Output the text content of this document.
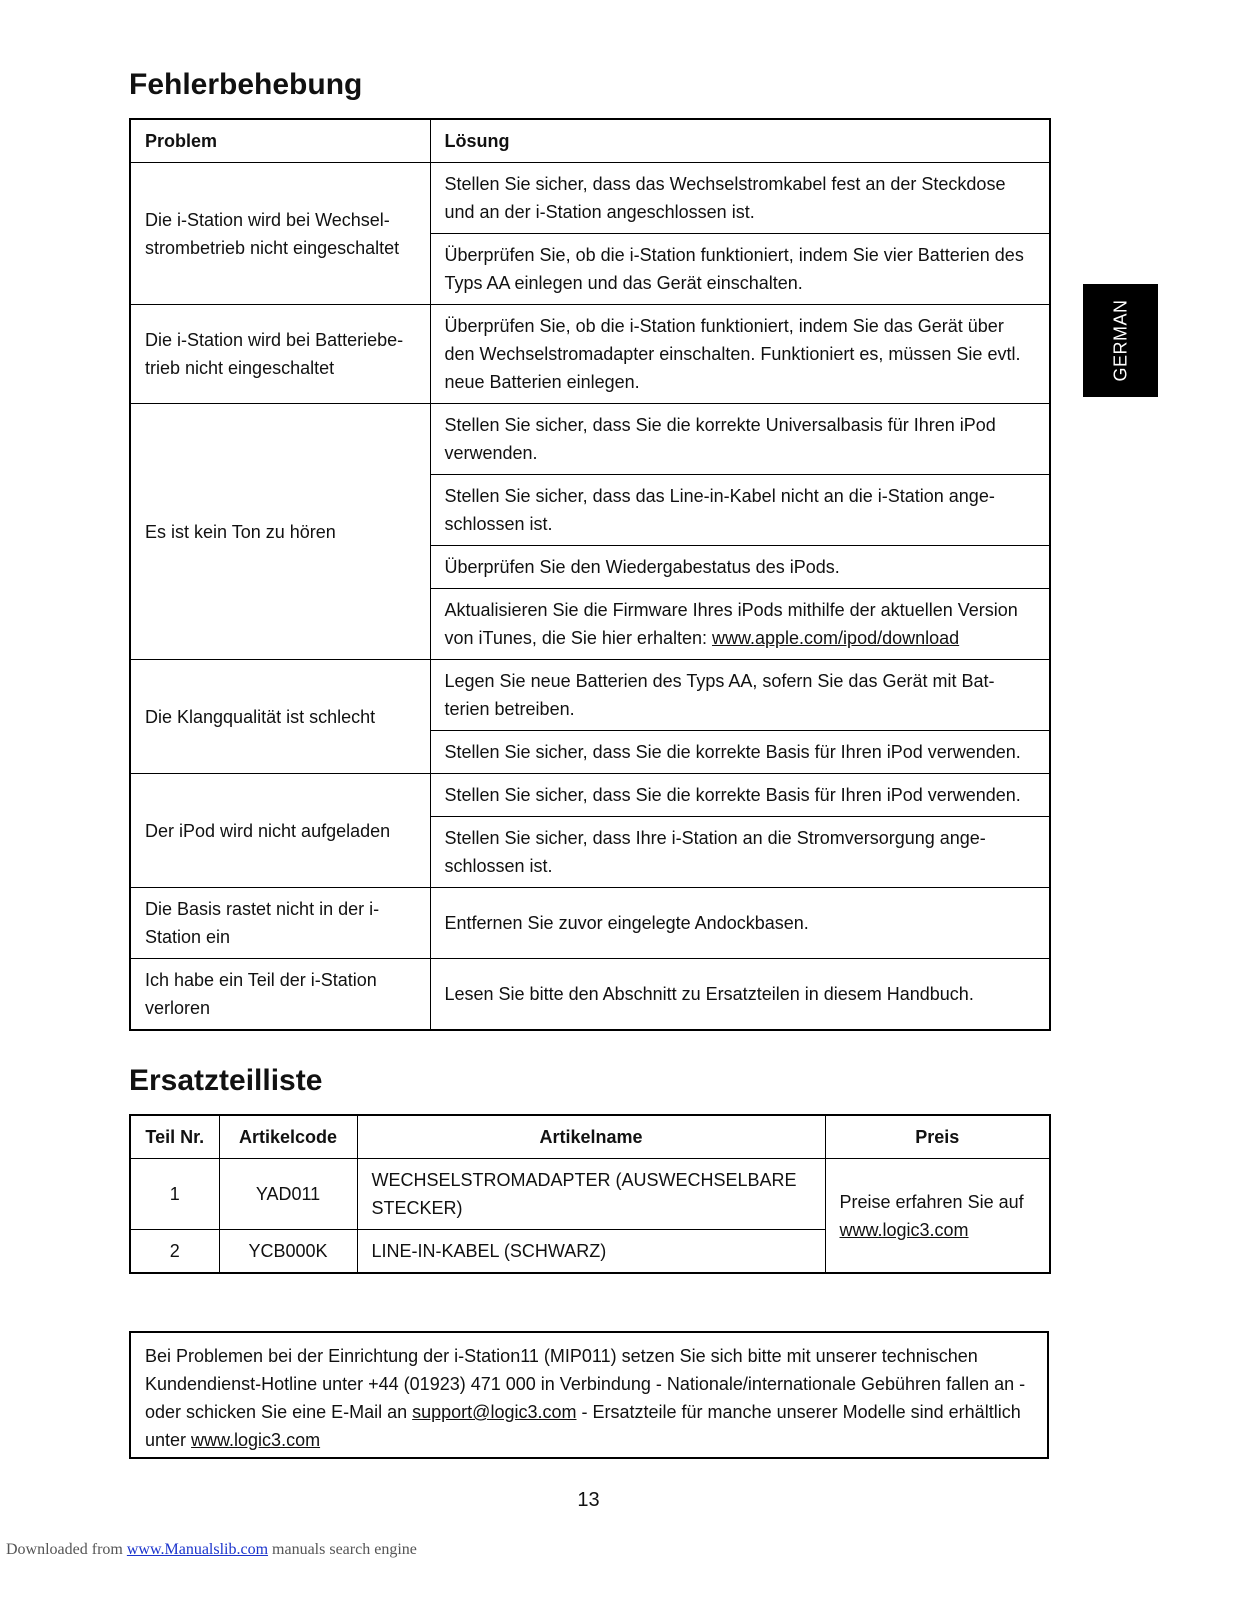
Fehlerbehebung
Problem	Lösung
Die i-Station wird bei Wechsel-strombetrieb nicht eingeschaltet	Stellen Sie sicher, dass das Wechselstromkabel fest an der Steckdose und an der i-Station angeschlossen ist.
	Überprüfen Sie, ob die i-Station funktioniert, indem Sie vier Batterien des Typs AA einlegen und das Gerät einschalten.
Die i-Station wird bei Batteriebe-trieb nicht eingeschaltet	Überprüfen Sie, ob die i-Station funktioniert, indem Sie das Gerät über den Wechselstromadapter einschalten. Funktioniert es, müssen Sie evtl. neue Batterien einlegen.
Es ist kein Ton zu hören	Stellen Sie sicher, dass Sie die korrekte Universalbasis für Ihren iPod verwenden.
	Stellen Sie sicher, dass das Line-in-Kabel nicht an die i-Station ange-schlossen ist.
	Überprüfen Sie den Wiedergabestatus des iPods.
	Aktualisieren Sie die Firmware Ihres iPods mithilfe der aktuellen Version von iTunes, die Sie hier erhalten: www.apple.com/ipod/download
Die Klangqualität ist schlecht	Legen Sie neue Batterien des Typs AA, sofern Sie das Gerät mit Bat-terien betreiben.
	Stellen Sie sicher, dass Sie die korrekte Basis für Ihren iPod verwenden.
Der iPod wird nicht aufgeladen	Stellen Sie sicher, dass Sie die korrekte Basis für Ihren iPod verwenden.
	Stellen Sie sicher, dass Ihre i-Station an die Stromversorgung ange-schlossen ist.
Die Basis rastet nicht in der i-Station ein	Entfernen Sie zuvor eingelegte Andockbasen.
Ich habe ein Teil der i-Station verloren	Lesen Sie bitte den Abschnitt zu Ersatzteilen in diesem Handbuch.
GERMAN
Ersatzteilliste
Teil Nr.	Artikelcode	Artikelname	Preis
1	YAD011	WECHSELSTROMADAPTER (AUSWECHSELBARE STECKER)	Preise erfahren Sie auf
www.logic3.com
2	YCB000K	LINE-IN-KABEL (SCHWARZ)	
Bei Problemen bei der Einrichtung der i-Station11 (MIP011) setzen Sie sich bitte mit unserer technischen Kundendienst-Hotline unter +44 (01923) 471 000 in Verbindung - Nationale/internationale Gebühren fallen an - oder schicken Sie eine E-Mail an support@logic3.com - Ersatzteile für manche unserer Modelle sind erhältlich unter www.logic3.com
13
Downloaded from www.Manualslib.com manuals search engine
